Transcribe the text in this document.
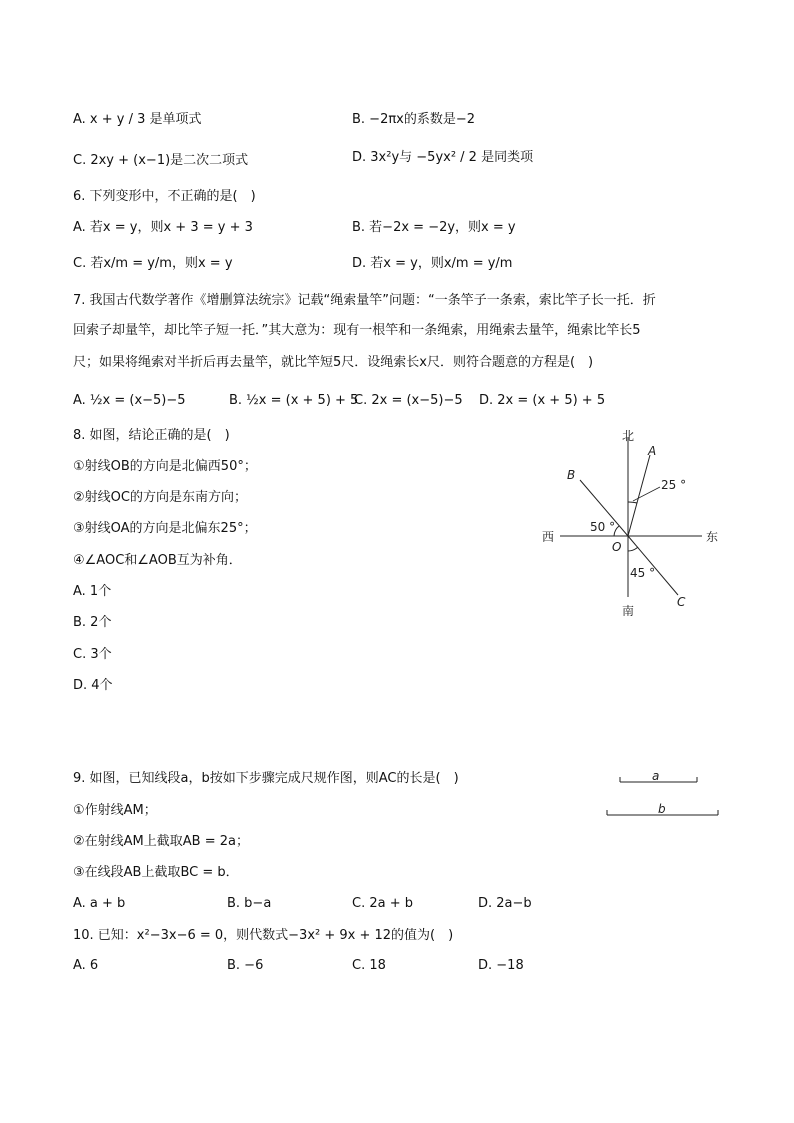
A. x + y / 3 是单项式	B. −2πx的系数是−2
C. 2xy + (x−1)是二次二项式	D. 3x²y与 −5yx² / 2 是同类项
6. 下列变形中，不正确的是(　)
A. 若x = y，则x + 3 = y + 3	B. 若−2x = −2y，则x = y
C. 若x/m = y/m，则x = y	D. 若x = y，则x/m = y/m
7. 我国古代数学著作《增删算法统宗》记载“绳索量竿”问题：“一条竿子一条索，索比竿子长一托．折
回索子却量竿，却比竿子短一托．”其大意为：现有一根竿和一条绳索，用绳索去量竿，绳索比竿长5
尺；如果将绳索对半折后再去量竿，就比竿短5尺．设绳索长x尺．则符合题意的方程是(　)
A. ½x = (x−5)−5	B. ½x = (x + 5) + 5
C. 2x = (x−5)−5 D. 2x = (x + 5) + 5
8. 如图，结论正确的是(　)
①射线OB的方向是北偏西50°；
②射线OC的方向是东南方向；
③射线OA的方向是北偏东25°；
④∠AOC和∠AOB互为补角．
A. 1个
B. 2个
C. 3个
D. 4个
北
南
西	东
A
B
C
O
25 °
50 °
45 °
9. 如图，已知线段a，b按如下步骤完成尺规作图，则AC的长是(　)
①作射线AM；
②在射线AM上截取AB = 2a；
③在线段AB上截取BC = b．
A. a + b	B. b−a	C. 2a + b	D. 2a−b
a
b
10. 已知：x²−3x−6 = 0，则代数式−3x² + 9x + 12的值为(　)
A. 6	B. −6	C. 18	D. −18
